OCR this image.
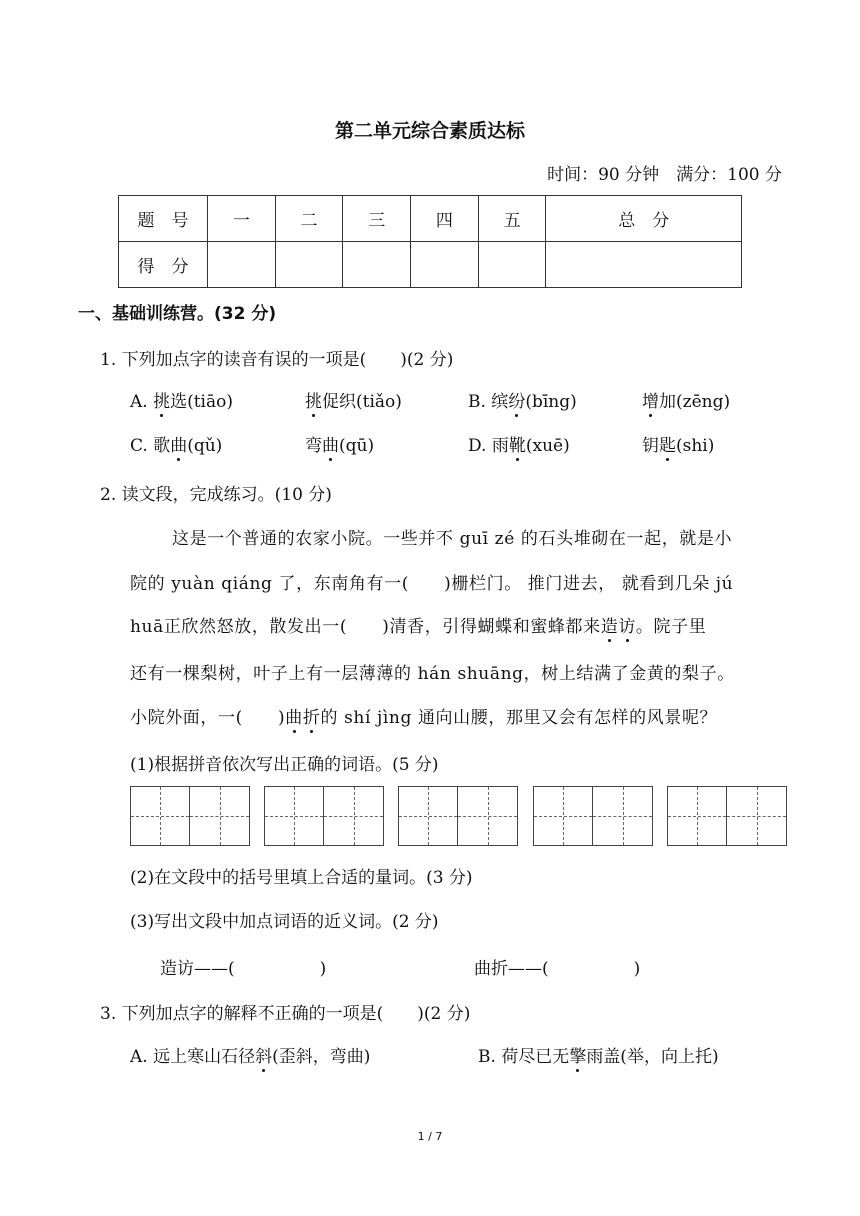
第二单元综合素质达标
时间：90 分钟　满分：100 分
题　号	一	二	三	四	五	总　分
得　分						
一、基础训练营。(32 分)
1. 下列加点字的读音有误的一项是(　　)(2 分)
A. 挑选(tiāo)	挑促织(tiǎo)	B. 缤纷(bīng)	增加(zēng)
C. 歌曲(qǔ)	弯曲(qū)	D. 雨靴(xuē)	钥匙(shi)
2. 读文段，完成练习。(10 分)
这是一个普通的农家小院。一些并不 guī zé 的石头堆砌在一起，就是小
院的 yuàn qiáng 了，东南角有一(　　)栅栏门。 推门进去， 就看到几朵 jú
huā正欣然怒放，散发出一(　　)清香，引得蝴蝶和蜜蜂都来造访。院子里
还有一棵梨树，叶子上有一层薄薄的 hán shuāng，树上结满了金黄的梨子。
小院外面，一(　　)曲折的 shí jìng 通向山腰，那里又会有怎样的风景呢？
(1)根据拼音依次写出正确的词语。(5 分)
(2)在文段中的括号里填上合适的量词。(3 分)
(3)写出文段中加点词语的近义词。(2 分)
造访——(　　　　　)	曲折——(　　　　　)
3. 下列加点字的解释不正确的一项是(　　)(2 分)
A. 远上寒山石径斜(歪斜，弯曲)	B. 荷尽已无擎雨盖(举，向上托)
1 / 7
